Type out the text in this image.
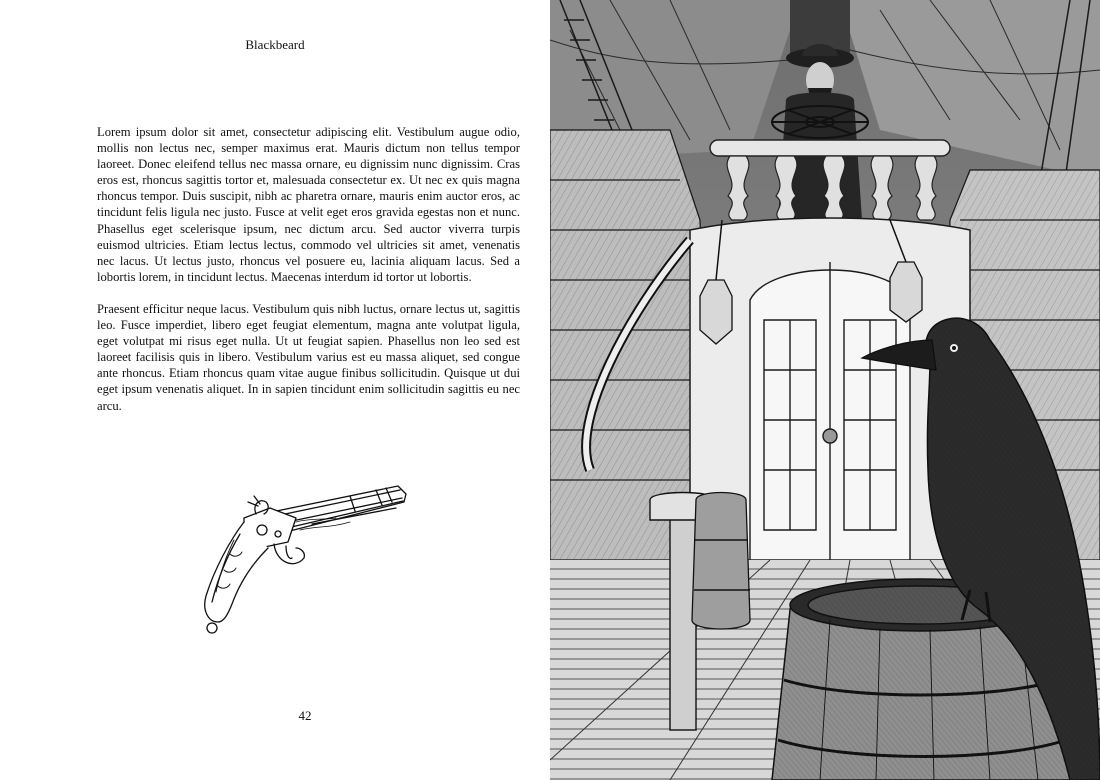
Blackbeard

Lorem ipsum dolor sit amet, consectetur adipiscing elit. Vestibulum augue odio, mollis non lectus nec, semper maximus erat. Mauris dictum non tellus tempor laoreet. Donec eleifend tellus nec massa ornare, eu dignissim nunc dignissim. Cras eros est, rhoncus sagittis tortor et, malesuada consectetur ex. Ut nec ex quis magna rhoncus tempor. Duis suscipit, nibh ac pharetra ornare, mauris enim auctor eros, ac tincidunt felis ligula nec justo. Fusce at velit eget eros gravida egestas non et nunc. Phasellus eget scelerisque ipsum, nec dictum arcu. Sed auctor viverra turpis euismod ultricies. Etiam lectus lectus, commodo vel ultricies sit amet, venenatis nec lacus. Ut lectus justo, rhoncus vel posuere eu, lacinia aliquam lacus. Sed a lobortis lorem, in tincidunt lectus. Maecenas interdum id tortor ut lobortis.

Praesent efficitur neque lacus. Vestibulum quis nibh luctus, ornare lectus ut, sagittis leo. Fusce imperdiet, libero eget feugiat elementum, magna ante volutpat ligula, eget volutpat mi risus eget nulla. Ut ut feugiat sapien. Phasellus non leo sed est laoreet facilisis quis in libero. Vestibulum varius est eu massa aliquet, sed congue ante rhoncus. Etiam rhoncus quam vitae augue finibus sollicitudin. Quisque ut dui eget ipsum venenatis aliquet. In in sapien tincidunt enim sollicitudin sagittis eu nec arcu.

42
